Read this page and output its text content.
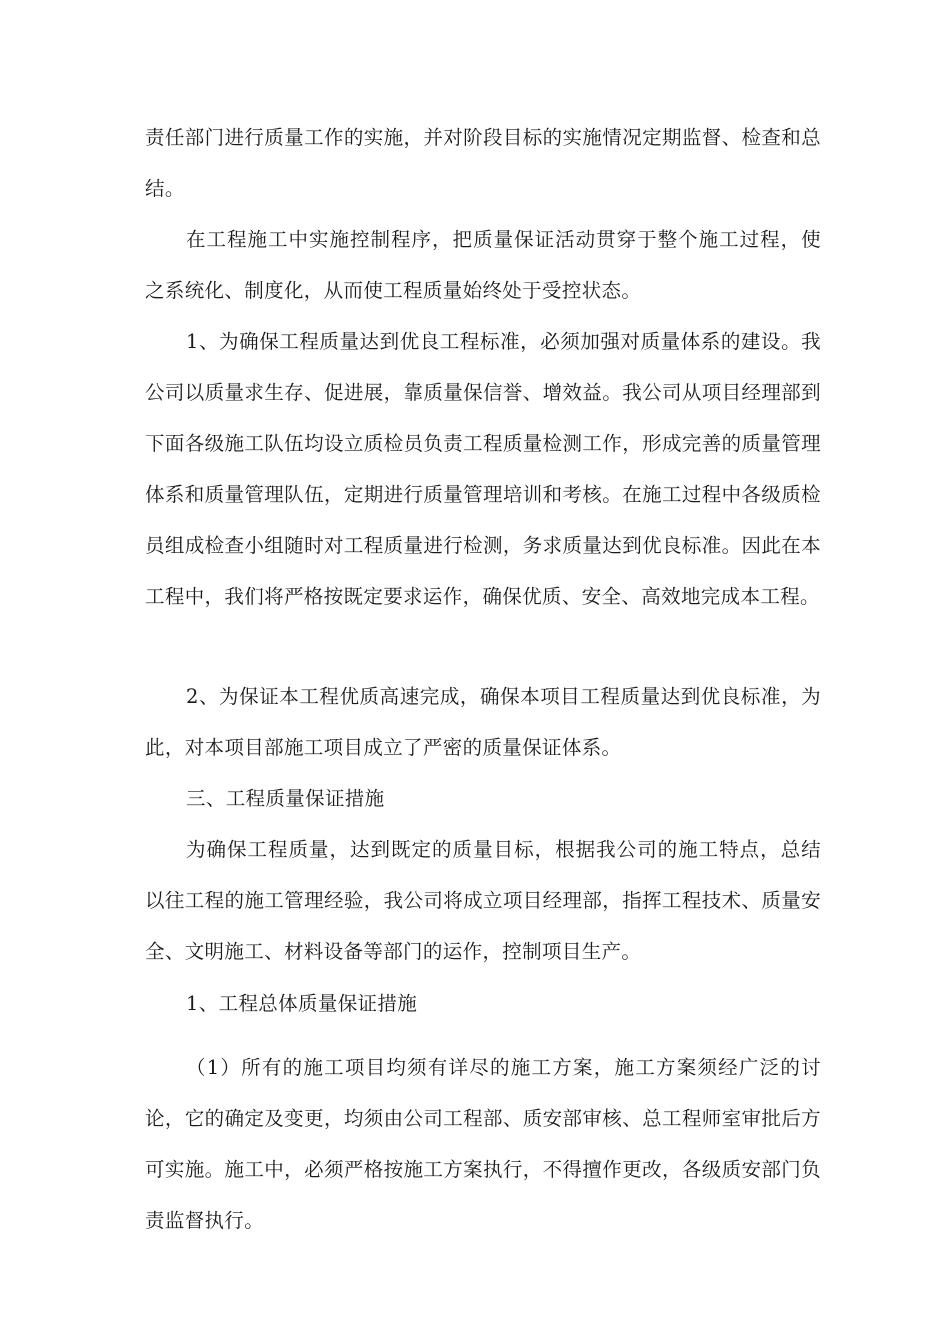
责任部门进行质量工作的实施，并对阶段目标的实施情况定期监督、检查和总结。

在工程施工中实施控制程序，把质量保证活动贯穿于整个施工过程，使之系统化、制度化，从而使工程质量始终处于受控状态。

1、为确保工程质量达到优良工程标准，必须加强对质量体系的建设。我公司以质量求生存、促进展，靠质量保信誉、增效益。我公司从项目经理部到下面各级施工队伍均设立质检员负责工程质量检测工作，形成完善的质量管理体系和质量管理队伍，定期进行质量管理培训和考核。在施工过程中各级质检员组成检查小组随时对工程质量进行检测，务求质量达到优良标准。因此在本工程中，我们将严格按既定要求运作，确保优质、安全、高效地完成本工程。

2、为保证本工程优质高速完成，确保本项目工程质量达到优良标准，为此，对本项目部施工项目成立了严密的质量保证体系。

三、工程质量保证措施

为确保工程质量，达到既定的质量目标，根据我公司的施工特点，总结以往工程的施工管理经验，我公司将成立项目经理部，指挥工程技术、质量安全、文明施工、材料设备等部门的运作，控制项目生产。

1、工程总体质量保证措施

（1）所有的施工项目均须有详尽的施工方案，施工方案须经广泛的讨论，它的确定及变更，均须由公司工程部、质安部审核、总工程师室审批后方可实施。施工中，必须严格按施工方案执行，不得擅作更改，各级质安部门负责监督执行。
